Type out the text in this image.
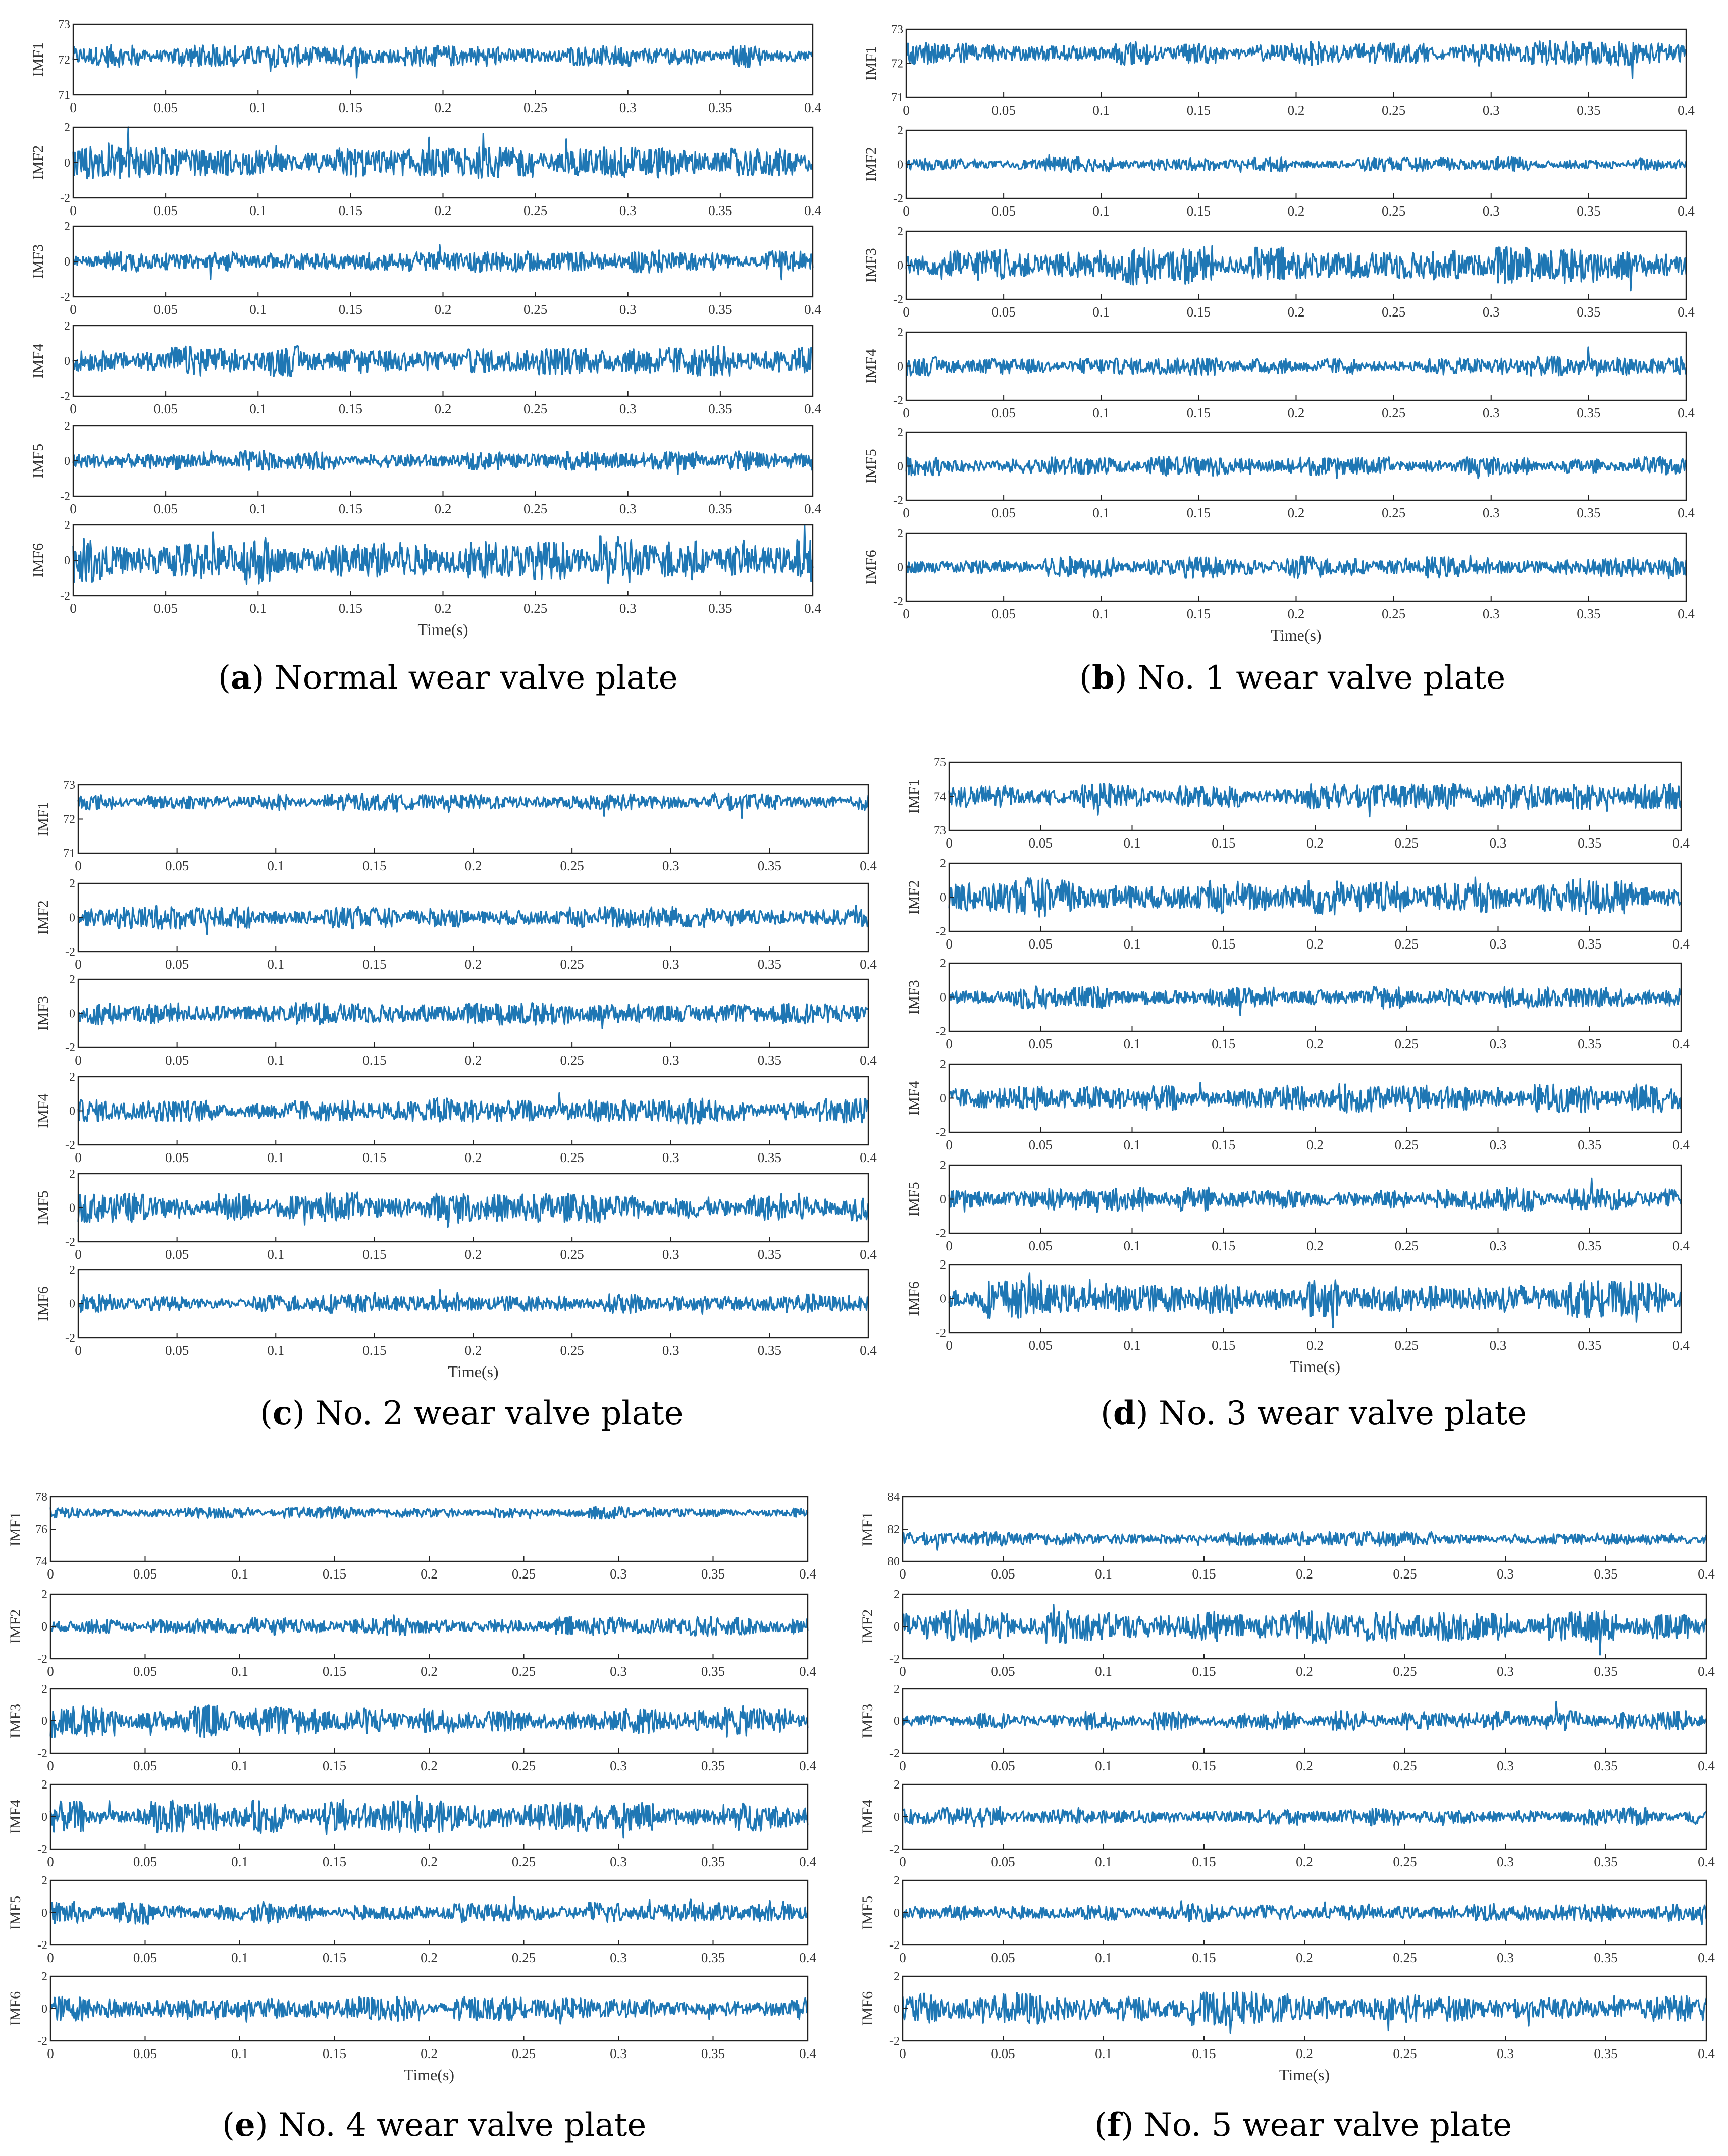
71
72
73
0	0.05	0.1	0.15	0.2	0.25	0.3	0.35	0.4
IMF1
-2
0
2
0	0.05	0.1	0.15	0.2	0.25	0.3	0.35	0.4
IMF2
-2
0
2
0	0.05	0.1	0.15	0.2	0.25	0.3	0.35	0.4
IMF3
-2
0
2
0	0.05	0.1	0.15	0.2	0.25	0.3	0.35	0.4
IMF4
-2
0
2
0	0.05	0.1	0.15	0.2	0.25	0.3	0.35	0.4
IMF5
-2
0
2
0	0.05	0.1	0.15	0.2	0.25	0.3	0.35	0.4
IMF6
Time(s)
71
72
73
0	0.05	0.1	0.15	0.2	0.25	0.3	0.35	0.4
IMF1
-2
0
2
0	0.05	0.1	0.15	0.2	0.25	0.3	0.35	0.4
IMF2
-2
0
2
0	0.05	0.1	0.15	0.2	0.25	0.3	0.35	0.4
IMF3
-2
0
2
0	0.05	0.1	0.15	0.2	0.25	0.3	0.35	0.4
IMF4
-2
0
2
0	0.05	0.1	0.15	0.2	0.25	0.3	0.35	0.4
IMF5
-2
0
2
0	0.05	0.1	0.15	0.2	0.25	0.3	0.35	0.4
IMF6
Time(s)
71
72
73
0	0.05	0.1	0.15	0.2	0.25	0.3	0.35	0.4
IMF1
-2
0
2
0	0.05	0.1	0.15	0.2	0.25	0.3	0.35	0.4
IMF2
-2
0
2
0	0.05	0.1	0.15	0.2	0.25	0.3	0.35	0.4
IMF3
-2
0
2
0	0.05	0.1	0.15	0.2	0.25	0.3	0.35	0.4
IMF4
-2
0
2
0	0.05	0.1	0.15	0.2	0.25	0.3	0.35	0.4
IMF5
-2
0
2
0	0.05	0.1	0.15	0.2	0.25	0.3	0.35	0.4
IMF6
Time(s)
73
74
75
0	0.05	0.1	0.15	0.2	0.25	0.3	0.35	0.4
IMF1
-2
0
2
0	0.05	0.1	0.15	0.2	0.25	0.3	0.35	0.4
IMF2
-2
0
2
0	0.05	0.1	0.15	0.2	0.25	0.3	0.35	0.4
IMF3
-2
0
2
0	0.05	0.1	0.15	0.2	0.25	0.3	0.35	0.4
IMF4
-2
0
2
0	0.05	0.1	0.15	0.2	0.25	0.3	0.35	0.4
IMF5
-2
0
2
0	0.05	0.1	0.15	0.2	0.25	0.3	0.35	0.4
IMF6
Time(s)
74
76
78
0	0.05	0.1	0.15	0.2	0.25	0.3	0.35	0.4
IMF1
-2
0
2
0	0.05	0.1	0.15	0.2	0.25	0.3	0.35	0.4
IMF2
-2
0
2
0	0.05	0.1	0.15	0.2	0.25	0.3	0.35	0.4
IMF3
-2
0
2
0	0.05	0.1	0.15	0.2	0.25	0.3	0.35	0.4
IMF4
-2
0
2
0	0.05	0.1	0.15	0.2	0.25	0.3	0.35	0.4
IMF5
-2
0
2
0	0.05	0.1	0.15	0.2	0.25	0.3	0.35	0.4
IMF6
Time(s)
80
82
84
0	0.05	0.1	0.15	0.2	0.25	0.3	0.35	0.4
IMF1
-2
0
2
0	0.05	0.1	0.15	0.2	0.25	0.3	0.35	0.4
IMF2
-2
0
2
0	0.05	0.1	0.15	0.2	0.25	0.3	0.35	0.4
IMF3
-2
0
2
0	0.05	0.1	0.15	0.2	0.25	0.3	0.35	0.4
IMF4
-2
0
2
0	0.05	0.1	0.15	0.2	0.25	0.3	0.35	0.4
IMF5
-2
0
2
0	0.05	0.1	0.15	0.2	0.25	0.3	0.35	0.4
IMF6
Time(s)
(a) Normal wear valve plate	(b) No. 1 wear valve plate
(c) No. 2 wear valve plate	(d) No. 3 wear valve plate
(e) No. 4 wear valve plate	(f) No. 5 wear valve plate
